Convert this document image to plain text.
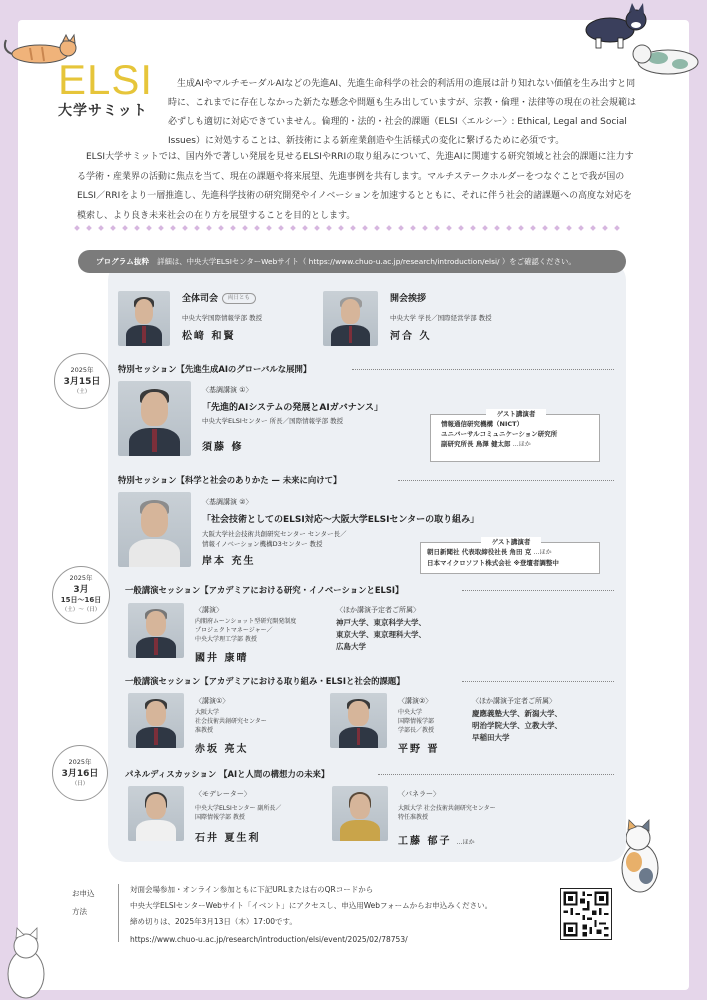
ELSI
大学サミット

生成AIやマルチモーダルAIなどの先進AI、先進生命科学の社会的利活用の進展は計り知れない価値を生み出すと同時に、これまでに存在しなかった新たな懸念や問題も生み出していますが、宗教・倫理・法律等の現在の社会規範は必ずしも適切に対応できていません。倫理的・法的・社会的課題（ELSI〈エルシー〉: Ethical, Legal and Social Issues）に対処することは、新技術による新産業創造や生活様式の変化に繋げるために必須です。

ELSI大学サミットでは、国内外で著しい発展を見せるELSIやRRIの取り組みについて、先進AIに関連する研究領域と社会的課題に注力する学術・産業界の活動に焦点を当て、現在の課題や将来展望、先進事例を共有します。マルチステークホルダーをつなぐことで我が国のELSI／RRIをより一層推進し、先進科学技術の研究開発やイノベーションを加速するとともに、それに伴う社会的諸課題への高度な対応を模索し、より良き未来社会の在り方を展望することを目的とします。

プログラム抜粋 詳細は、中央大学ELSIセンターWebサイト（ https://www.chuo-u.ac.jp/research/introduction/elsi/ ）をご確認ください。
全体司会 両日とも
中央大学国際情報学部 教授
松﨑 和賢
開会挨拶
中央大学 学長／国際経営学部 教授
河合 久
2025年
3月15日
（土）
特別セッション【先進生成AIのグローバルな展開】
〈基調講演 ①〉
「先進的AIシステムの発展とAIガバナンス」
中央大学ELSIセンター 所長／国際情報学部 教授
須藤 修
ゲスト講演者
情報通信研究機構（NICT）
ユニバーサルコミュニケーション研究所
副研究所長 鳥澤 健太郎 …ほか
特別セッション【科学と社会のありかた — 未来に向けて】
〈基調講演 ②〉
「社会技術としてのELSI対応〜大阪大学ELSIセンターの取り組み」
大阪大学社会技術共創研究センター センター長／
情報イノベーション機構D3センター 教授
岸本 充生
ゲスト講演者
朝日新聞社 代表取締役社長 角田 克 …ほか
日本マイクロソフト株式会社 ※登壇者調整中
2025年
3月
15日〜16日
（土）〜（日）
一般講演セッション【アカデミアにおける研究・イノベーションとELSI】
〈講演〉
内閣府ムーンショット型研究開発制度
プロジェクトマネージャー／
中央大学理工学部 教授
國井 康晴
〈ほか講演予定者ご所属〉
神戸大学、東京科学大学、
東京大学、東京理科大学、
広島大学
一般講演セッション【アカデミアにおける取り組み・ELSIと社会的課題】
〈講演①〉
大阪大学
社会技術共創研究センター
准教授
赤坂 亮太
〈講演②〉
中央大学
国際情報学部
学部長／教授
平野 晋
〈ほか講演予定者ご所属〉
慶應義塾大学、新潟大学、
明治学院大学、立教大学、
早稲田大学
2025年
3月16日
（日）
パネルディスカッション 【AIと人間の構想力の未来】
〈モデレーター〉
中央大学ELSIセンター 副所長／
国際情報学部 教授
石井 夏生利
〈パネラー〉
大阪大学 社会技術共創研究センター
特任准教授
工藤 郁子 …ほか
お申込
方法
対面会場参加・オンライン参加ともに下記URLまたは右のQRコードから
中央大学ELSIセンターWebサイト「イベント」にアクセスし、申込用Webフォームからお申込みください。
締め切りは、2025年3月13日（木）17:00です。
https://www.chuo-u.ac.jp/research/introduction/elsi/event/2025/02/78753/
